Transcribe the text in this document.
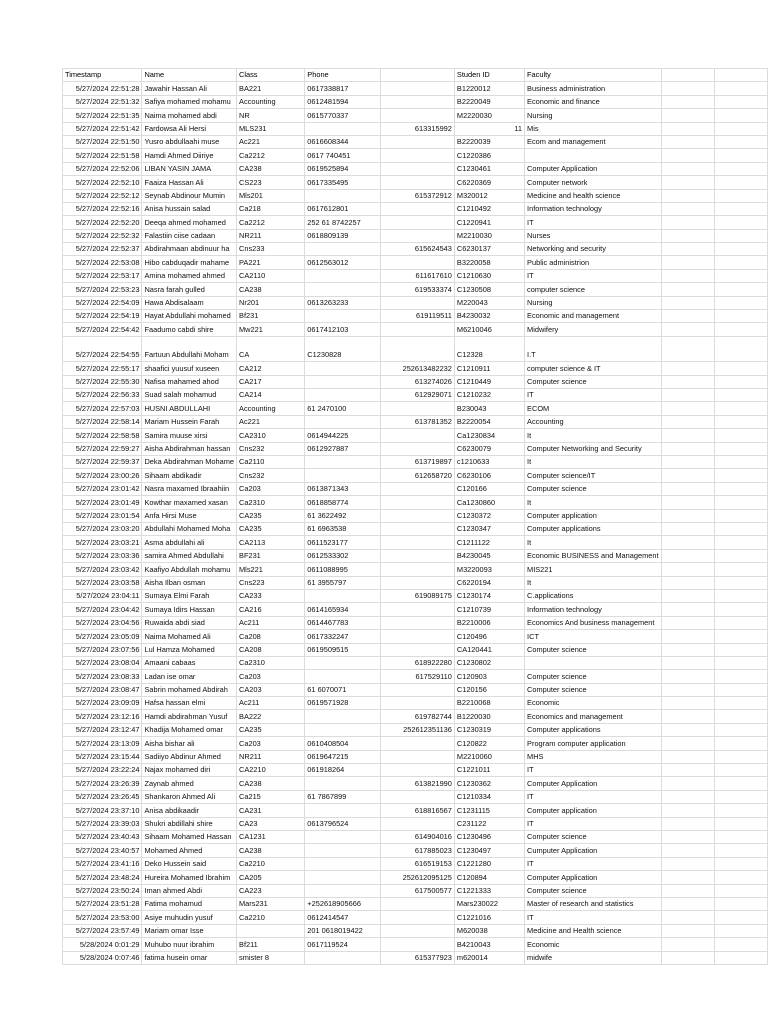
Timestamp	Name	Class	Phone		Studen ID	Faculty		
5/27/2024 22:51:28	Jawahir Hassan Ali	BA221	0617338817		B1220012	Business administration		
5/27/2024 22:51:32	Safiya mohamed mohamu	Accounting	0612481594		B2220049	Economic and finance		
5/27/2024 22:51:35	Naima mohamed abdi	NR	0615770337		M2220030	Nursing		
5/27/2024 22:51:42	Fardowsa Ali Hersi	MLS231		613315992	11	Mis		
5/27/2024 22:51:50	Yusro abdullaahi muse	Ac221	0616608344		B2220039	Ecom and management		
5/27/2024 22:51:58	Hamdi Ahmed Diiriye	Ca2212	0617 740451		C1220386			
5/27/2024 22:52:06	LIBAN YASIN JAMA	CA238	0619525894		C1230461	Computer Application		
5/27/2024 22:52:10	Faaiza Hassan Ali	CS223	0617335495		C6220369	Computer network		
5/27/2024 22:52:12	Seynab Abdinour Mumin	Mls201		615372912	M320012	Medicine and health science		
5/27/2024 22:52:16	Anisa hussain salad	Ca218	0617612801		C1210492	Information technology		
5/27/2024 22:52:20	Deeqa ahmed mohamed	Ca2212	252 61 8742257		C1220941	IT		
5/27/2024 22:52:32	Falastiin ciise cadaan	NR211	0618809139		M2210030	Nurses		
5/27/2024 22:52:37	Abdirahmaan abdinuur ha	Cns233		615624543	C6230137	Networking and security		
5/27/2024 22:53:08	Hibo cabduqadir mahame	PA221	0612563012		B3220058	Public administrion		
5/27/2024 22:53:17	Amina mohamed ahmed	CA2110		611617610	C1210630	IT		
5/27/2024 22:53:23	Nasra farah gulled	CA238		619533374	C1230508	computer science		
5/27/2024 22:54:09	Hawa Abdisalaam	Nr201	0613263233		M220043	Nursing		
5/27/2024 22:54:19	Hayat Abdullahi mohamed	Bf231		619119511	B4230032	Economic and management		
5/27/2024 22:54:42	Faadumo cabdi shire	Mw221	0617412103		M6210046	Midwifery		
5/27/2024 22:54:55	Fartuun Abdullahi Moham	CA	C1230828		C12328	I.T		
5/27/2024 22:55:17	shaafici yuusuf xuseen	CA212		252613482232	C1210911	computer science & IT		
5/27/2024 22:55:30	Nafisa mahamed ahod	CA217		613274026	C1210449	Computer science		
5/27/2024 22:56:33	Suad salah mohamud	CA214		612929071	C1210232	IT		
5/27/2024 22:57:03	HUSNI ABDULLAHI	Accounting	61 2470100		B230043	ECOM		
5/27/2024 22:58:14	Mariam Hussein Farah	Ac221		613781352	B2220054	Accounting		
5/27/2024 22:58:58	Samira muuse xirsi	CA2310	0614944225		Ca1230834	It		
5/27/2024 22:59:27	Aisha Abdirahman hassan	Cns232	0612927887		C6230079	Computer Networking and Security		
5/27/2024 22:59:37	Deka Abdirahman Mohame	Ca2110		613719897	c1210633	It		
5/27/2024 23:00:26	Sihaam abdikadir	Cns232		612658720	C6230106	Computer science/IT		
5/27/2024 23:01:42	Nasra maxamed Ibraahiin	Ca203	0613871343		C120166	Computer science		
5/27/2024 23:01:49	Kowthar maxamed xasan	Ca2310	0618858774		Ca1230860	It		
5/27/2024 23:01:54	Anfa Hirsi Muse	CA235	61 3622492		C1230372	Computer application		
5/27/2024 23:03:20	Abdullahi Mohamed Moha	CA235	61 6963538		C1230347	Computer applications		
5/27/2024 23:03:21	Asma abdullahi ali	CA2113	0611523177		C1211122	It		
5/27/2024 23:03:36	samira Ahmed Abdullahi	BF231	0612533302		B4230045	Economic BUSINESS and Management		
5/27/2024 23:03:42	Kaafiyo Abdullah mohamu	Mls221	0611088995		M3220093	MIS221		
5/27/2024 23:03:58	Aisha Ilban osman	Cns223	61 3955797		C6220194	It		
5/27/2024 23:04:11	Sumaya Elmi Farah	CA233		619089175	C1230174	C.applications		
5/27/2024 23:04:42	Sumaya Idirs Hassan	CA216	0614165934		C1210739	Information technology		
5/27/2024 23:04:56	Ruwaida abdi siad	Ac211	0614467783		B2210006	Economics And business management		
5/27/2024 23:05:09	Naima Mohamed Ali	Ca208	0617332247		C120496	ICT		
5/27/2024 23:07:56	Lul Hamza Mohamed	CA208	0619509515		CA120441	Computer science		
5/27/2024 23:08:04	Amaani cabaas	Ca2310		618922280	C1230802			
5/27/2024 23:08:33	Ladan ise omar	Ca203		617529110	C120903	Computer science		
5/27/2024 23:08:47	Sabrin mohamed Abdirah	CA203	61 6070071		C120156	Computer science		
5/27/2024 23:09:09	Hafsa hassan elmi	Ac211	0619571928		B2210068	Economic		
5/27/2024 23:12:16	Hamdi abdirahman Yusuf	BA222		619782744	B1220030	Economics and management		
5/27/2024 23:12:47	Khadija Mohamed omar	CA235		252612351136	C1230319	Computer applications		
5/27/2024 23:13:09	Aisha bishar ali	Ca203	0610408504		C120822	Program computer application		
5/27/2024 23:15:44	Sadiiyo Abdinur Ahmed	NR211	0619647215		M2210060	MHS		
5/27/2024 23:22:24	Najax mohamed diri	CA2210	061918264		C1221011	IT		
5/27/2024 23:26:39	Zaynab ahmed	CA238		613821990	C1230362	Computer Application		
5/27/2024 23:26:45	Shankaron Ahmed Ali	Ca215	61 7867899		C1210334	IT		
5/27/2024 23:37:10	Anisa abdikaadir	CA231		618816567	C1231115	Computer application		
5/27/2024 23:39:03	Shukri abdillahi shire	CA23	0613796524		C231122	IT		
5/27/2024 23:40:43	Sihaam Mohamed Hassan	CA1231		614904016	C1230496	Computer science		
5/27/2024 23:40:57	Mohamed Ahmed	CA238		617885023	C1230497	Cumputer Application		
5/27/2024 23:41:16	Deko Hussein said	Ca2210		616519153	C1221280	IT		
5/27/2024 23:48:24	Hureira Mohamed Ibrahim	CA205		252612095125	C120894	Computer Application		
5/27/2024 23:50:24	Iman ahmed Abdi	CA223		617500577	C1221333	Computer science		
5/27/2024 23:51:28	Fatima mohamud	Mars231	+252618905666		Mars230022	Master of research and statistics		
5/27/2024 23:53:00	Asiye muhudin yusuf	Ca2210	0612414547		C1221016	IT		
5/27/2024 23:57:49	Mariam omar Isse		201 0618019422		M620038	Medicine and Health science		
5/28/2024 0:01:29	Muhubo nuur ibrahim	Bf211	0617119524		B4210043	Economic		
5/28/2024 0:07:46	fatima husein omar	smister 8		615377923	m620014	midwife		
